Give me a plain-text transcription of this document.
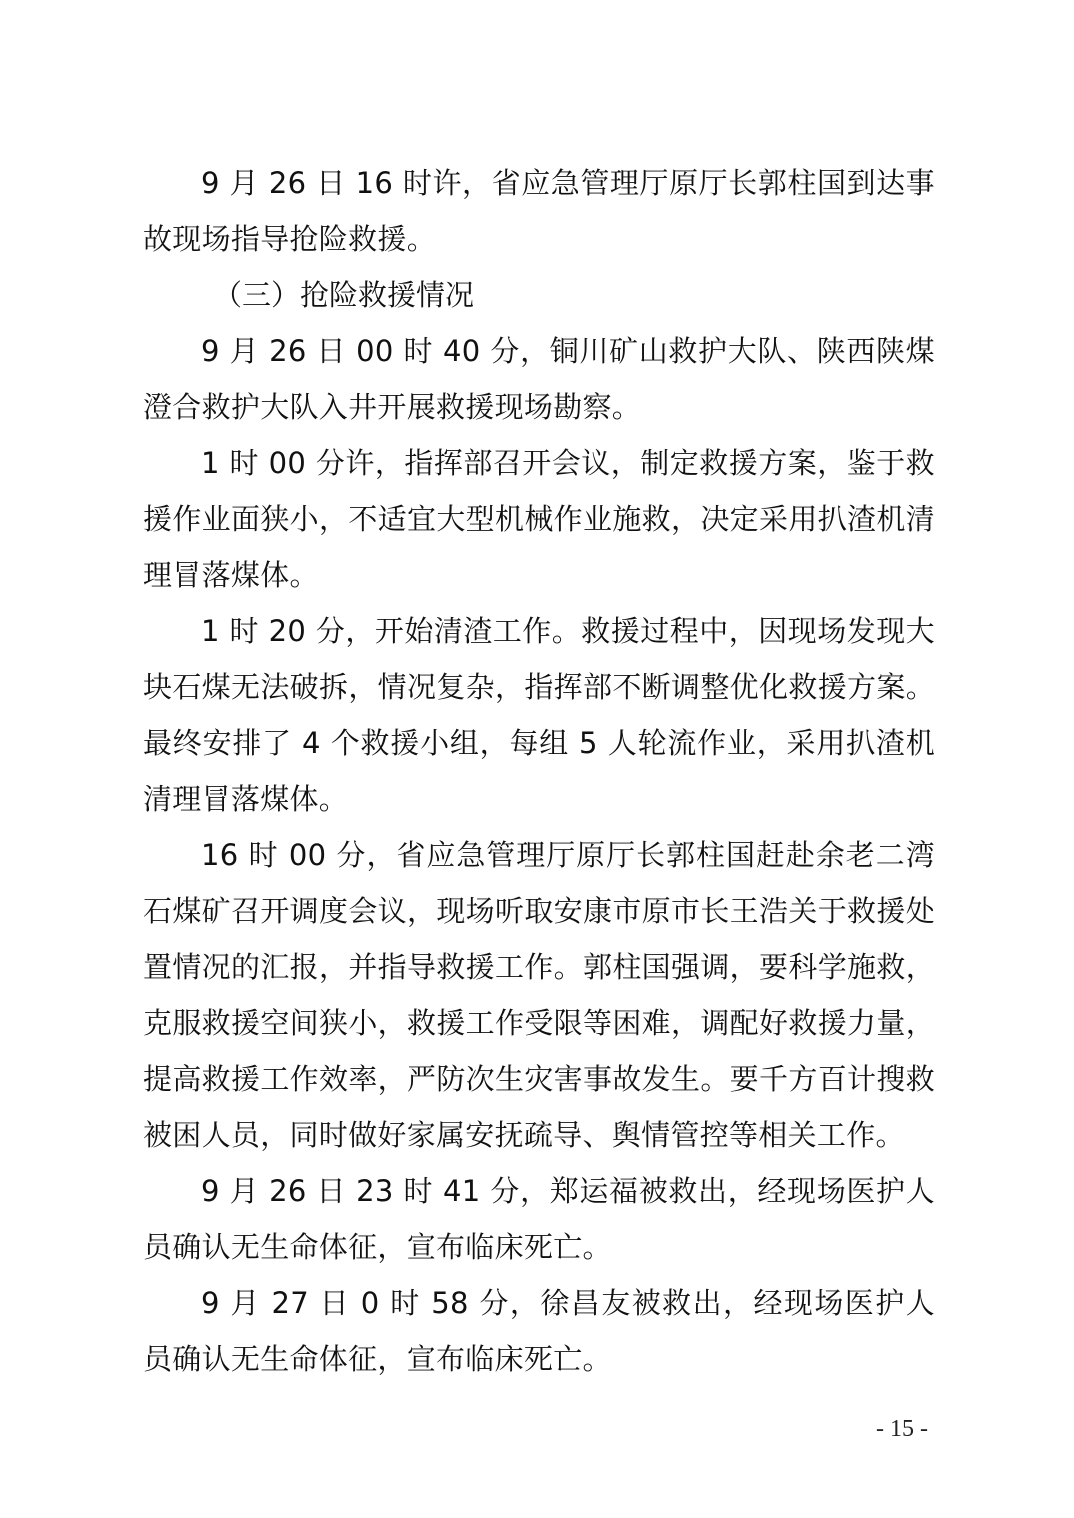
9 月 26 日 16 时许，省应急管理厅原厅长郭柱国到达事故现场指导抢险救援。

（三）抢险救援情况

9 月 26 日 00 时 40 分，铜川矿山救护大队、陕西陕煤澄合救护大队入井开展救援现场勘察。

1 时 00 分许，指挥部召开会议，制定救援方案，鉴于救援作业面狭小，不适宜大型机械作业施救，决定采用扒渣机清理冒落煤体。

1 时 20 分，开始清渣工作。救援过程中，因现场发现大块石煤无法破拆，情况复杂，指挥部不断调整优化救援方案。最终安排了 4 个救援小组，每组 5 人轮流作业，采用扒渣机清理冒落煤体。

16 时 00 分，省应急管理厅原厅长郭柱国赶赴余老二湾石煤矿召开调度会议，现场听取安康市原市长王浩关于救援处置情况的汇报，并指导救援工作。郭柱国强调，要科学施救，克服救援空间狭小，救援工作受限等困难，调配好救援力量，提高救援工作效率，严防次生灾害事故发生。要千方百计搜救被困人员，同时做好家属安抚疏导、舆情管控等相关工作。

9 月 26 日 23 时 41 分，郑运福被救出，经现场医护人员确认无生命体征，宣布临床死亡。

9 月 27 日 0 时 58 分，徐昌友被救出，经现场医护人员确认无生命体征，宣布临床死亡。

- 15 -
